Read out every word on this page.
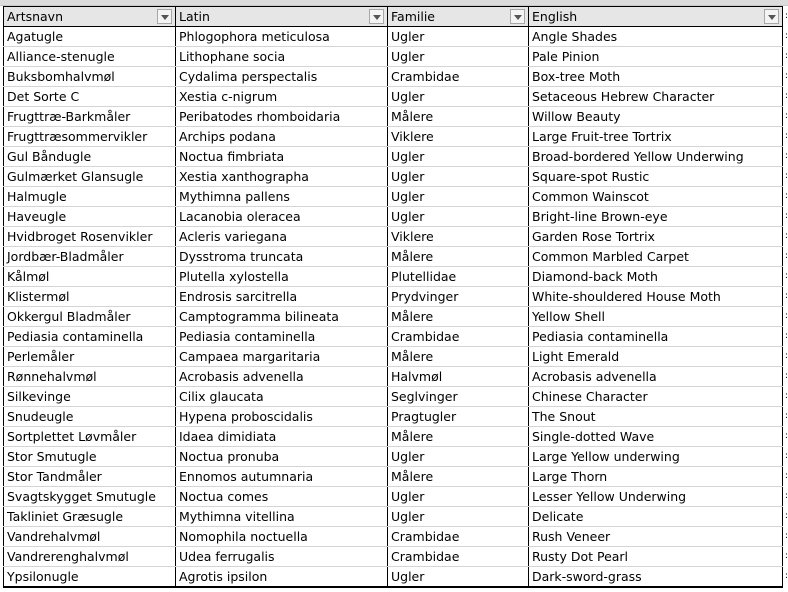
Artsnavn	Latin	Familie	English

Agatugle	Phlogophora meticulosa	Ugler	Angle Shades
Alliance-stenugle	Lithophane socia	Ugler	Pale Pinion
Buksbomhalvmøl	Cydalima perspectalis	Crambidae	Box-tree Moth
Det Sorte C	Xestia c-nigrum	Ugler	Setaceous Hebrew Character
Frugttræ-Barkmåler	Peribatodes rhomboidaria	Målere	Willow Beauty
Frugttræsommervikler	Archips podana	Viklere	Large Fruit-tree Tortrix
Gul Båndugle	Noctua fimbriata	Ugler	Broad-bordered Yellow Underwing
Gulmærket Glansugle	Xestia xanthographa	Ugler	Square-spot Rustic
Halmugle	Mythimna pallens	Ugler	Common Wainscot
Haveugle	Lacanobia oleracea	Ugler	Bright-line Brown-eye
Hvidbroget Rosenvikler	Acleris variegana	Viklere	Garden Rose Tortrix
Jordbær-Bladmåler	Dysstroma truncata	Målere	Common Marbled Carpet
Kålmøl	Plutella xylostella	Plutellidae	Diamond-back Moth
Klistermøl	Endrosis sarcitrella	Prydvinger	White-shouldered House Moth
Okkergul Bladmåler	Camptogramma bilineata	Målere	Yellow Shell
Pediasia contaminella	Pediasia contaminella	Crambidae	Pediasia contaminella
Perlemåler	Campaea margaritaria	Målere	Light Emerald
Rønnehalvmøl	Acrobasis advenella	Halvmøl	Acrobasis advenella
Silkevinge	Cilix glaucata	Seglvinger	Chinese Character
Snudeugle	Hypena proboscidalis	Pragtugler	The Snout
Sortplettet Løvmåler	Idaea dimidiata	Målere	Single-dotted Wave
Stor Smutugle	Noctua pronuba	Ugler	Large Yellow underwing
Stor Tandmåler	Ennomos autumnaria	Målere	Large Thorn
Svagtskygget Smutugle	Noctua comes	Ugler	Lesser Yellow Underwing
Takliniet Græsugle	Mythimna vitellina	Ugler	Delicate
Vandrehalvmøl	Nomophila noctuella	Crambidae	Rush Veneer
Vandrerenghalvmøl	Udea ferrugalis	Crambidae	Rusty Dot Pearl
Ypsilonugle	Agrotis ipsilon	Ugler	Dark-sword-grass
:
:
:
:
:
:
:
:
:
:
:
:
:
:
:
:
:
:
:
:
:
:
:
:
:
:
:
:
:
